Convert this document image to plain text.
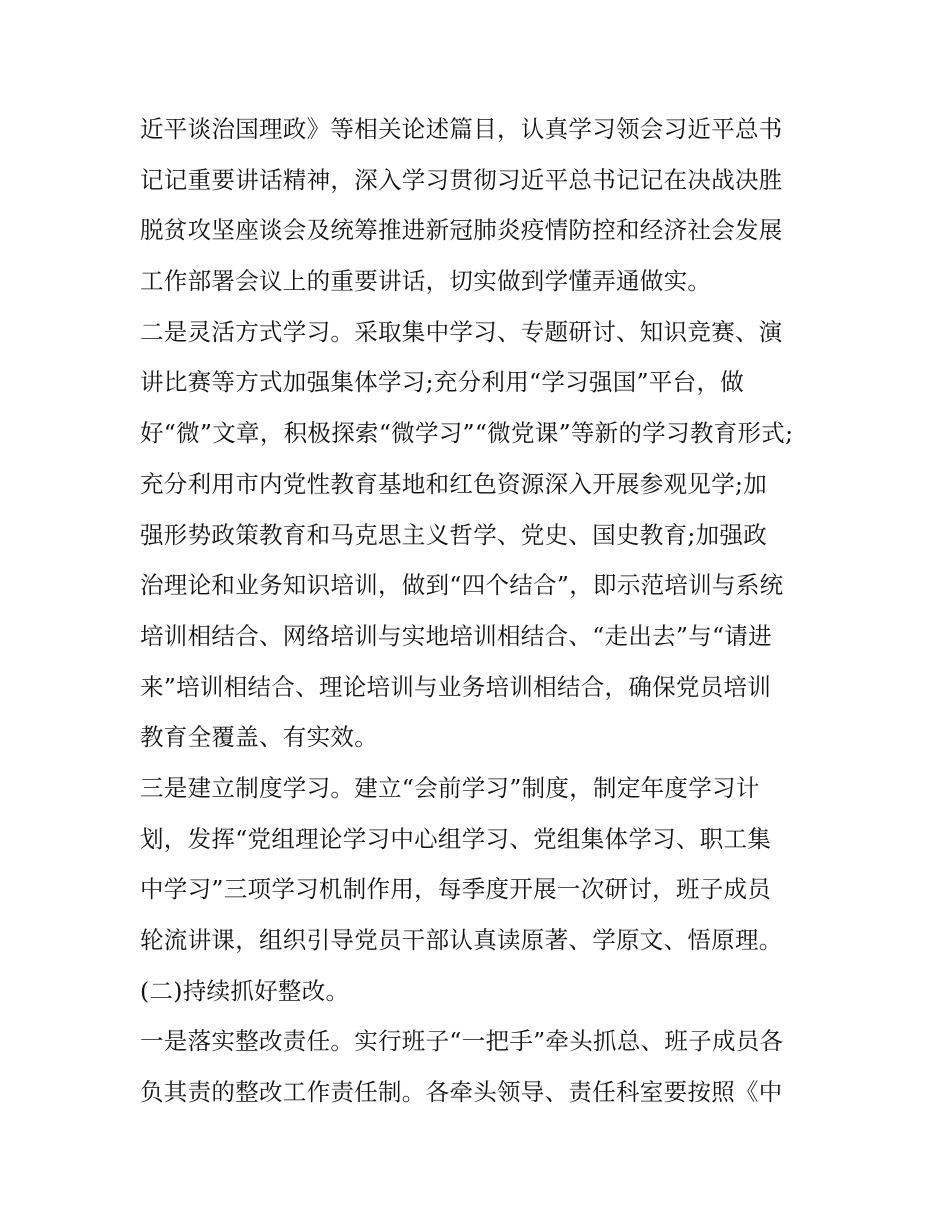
近平谈治国理政》等相关论述篇目，认真学习领会习近平总书
记记重要讲话精神，深入学习贯彻习近平总书记记在决战决胜
脱贫攻坚座谈会及统筹推进新冠肺炎疫情防控和经济社会发展
工作部署会议上的重要讲话，切实做到学懂弄通做实。
二是灵活方式学习。采取集中学习、专题研讨、知识竞赛、演
讲比赛等方式加强集体学习;充分利用“学习强国”平台，做
好“微”文章，积极探索“微学习”“微党课”等新的学习教育形式;
充分利用市内党性教育基地和红色资源深入开展参观见学;加
强形势政策教育和马克思主义哲学、党史、国史教育;加强政
治理论和业务知识培训，做到“四个结合”，即示范培训与系统
培训相结合、网络培训与实地培训相结合、“走出去”与“请进
来”培训相结合、理论培训与业务培训相结合，确保党员培训
教育全覆盖、有实效。
三是建立制度学习。建立“会前学习”制度，制定年度学习计
划，发挥“党组理论学习中心组学习、党组集体学习、职工集
中学习”三项学习机制作用，每季度开展一次研讨，班子成员
轮流讲课，组织引导党员干部认真读原著、学原文、悟原理。
(二)持续抓好整改。
一是落实整改责任。实行班子“一把手”牵头抓总、班子成员各
负其责的整改工作责任制。各牵头领导、责任科室要按照《中
